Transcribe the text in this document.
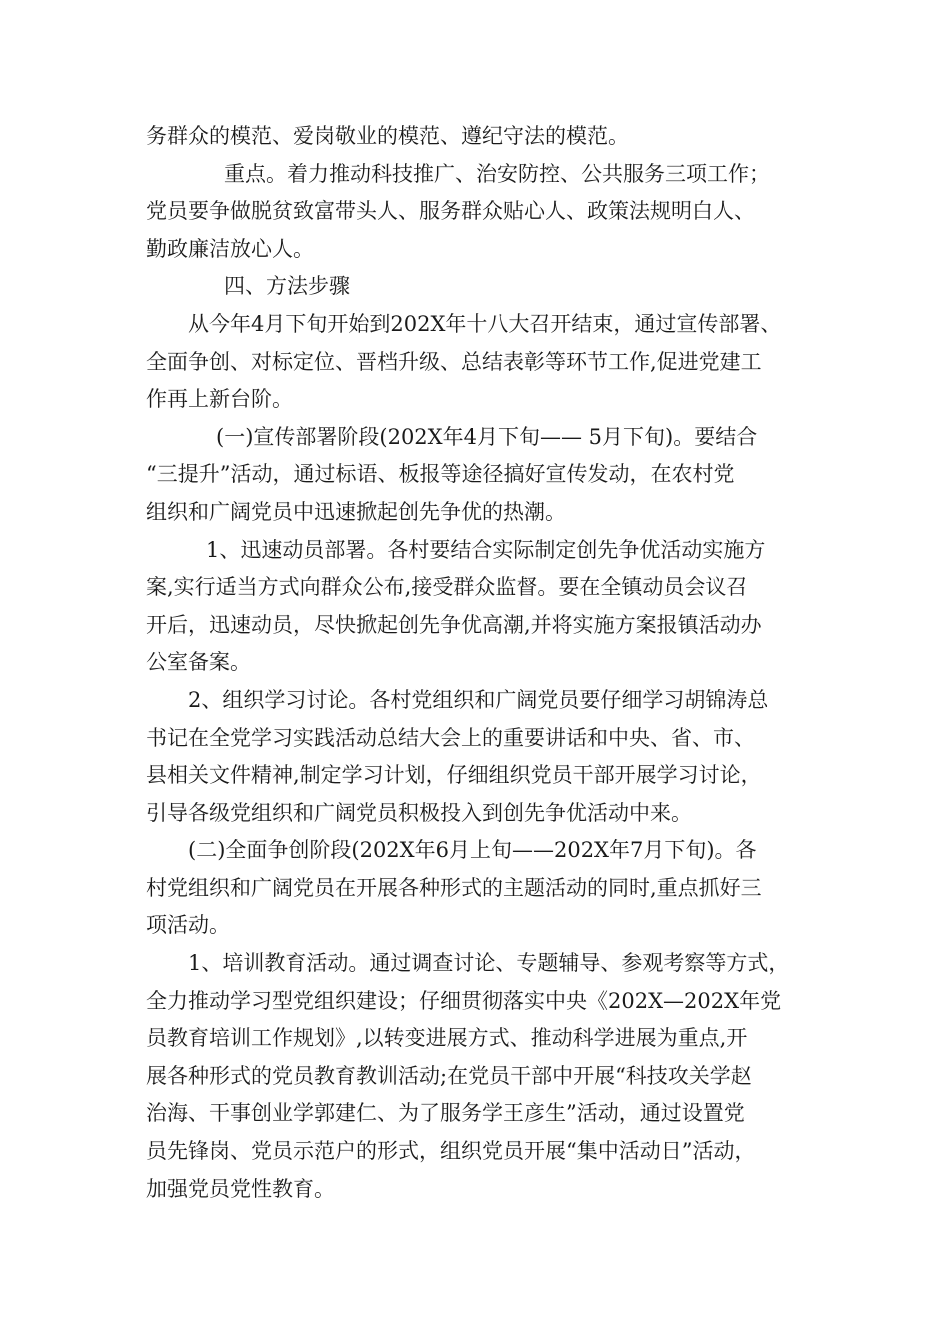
务群众的模范、爱岗敬业的模范、遵纪守法的模范。
重点。着力推动科技推广、治安防控、公共服务三项工作；
党员要争做脱贫致富带头人、服务群众贴心人、政策法规明白人、
勤政廉洁放心人。
四、方法步骤
从今年4月下旬开始到202X年十八大召开结束，通过宣传部署、
全面争创、对标定位、晋档升级、总结表彰等环节工作,促进党建工
作再上新台阶。
(一)宣传部署阶段(202X年4月下旬—— 5月下旬)。要结合
“三提升”活动，通过标语、板报等途径搞好宣传发动，在农村党
组织和广阔党员中迅速掀起创先争优的热潮。
1、迅速动员部署。各村要结合实际制定创先争优活动实施方
案,实行适当方式向群众公布,接受群众监督。要在全镇动员会议召
开后，迅速动员，尽快掀起创先争优高潮,并将实施方案报镇活动办
公室备案。
2、组织学习讨论。各村党组织和广阔党员要仔细学习胡锦涛总
书记在全党学习实践活动总结大会上的重要讲话和中央、省、市、
县相关文件精神,制定学习计划，仔细组织党员干部开展学习讨论，
引导各级党组织和广阔党员积极投入到创先争优活动中来。
(二)全面争创阶段(202X年6月上旬——202X年7月下旬)。各
村党组织和广阔党员在开展各种形式的主题活动的同时,重点抓好三
项活动。
1、培训教育活动。通过调查讨论、专题辅导、参观考察等方式，
全力推动学习型党组织建设；仔细贯彻落实中央《202X—202X年党
员教育培训工作规划》,以转变进展方式、推动科学进展为重点,开
展各种形式的党员教育教训活动;在党员干部中开展“科技攻关学赵
治海、干事创业学郭建仁、为了服务学王彦生”活动，通过设置党
员先锋岗、党员示范户的形式，组织党员开展“集中活动日”活动，
加强党员党性教育。
